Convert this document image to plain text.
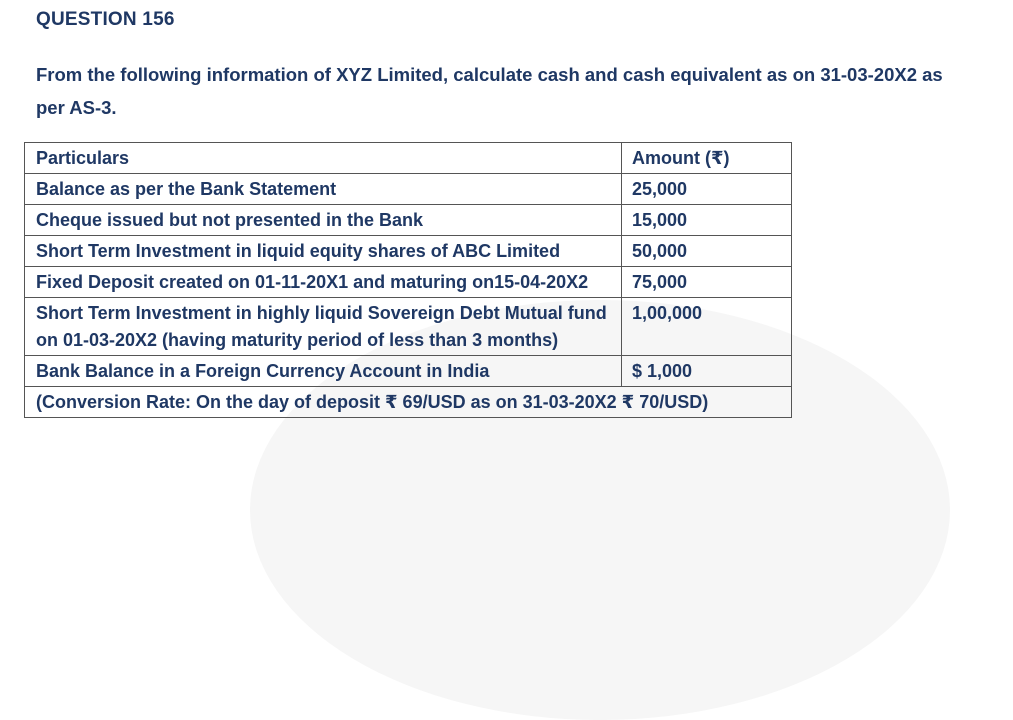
QUESTION 156
From the following information of XYZ Limited, calculate cash and cash equivalent as on 31-03-20X2 as per AS-3.
Particulars	Amount (₹)
Balance as per the Bank Statement	25,000
Cheque issued but not presented in the Bank	15,000
Short Term Investment in liquid equity shares of ABC Limited	50,000
Fixed Deposit created on 01-11-20X1 and maturing on15-04-20X2	75,000
Short Term Investment in highly liquid Sovereign Debt Mutual fund on 01-03-20X2 (having maturity period of less than 3 months)	1,00,000
Bank Balance in a Foreign Currency Account in India	$ 1,000
(Conversion Rate: On the day of deposit ₹ 69/USD as on 31-03-20X2 ₹ 70/USD)	
